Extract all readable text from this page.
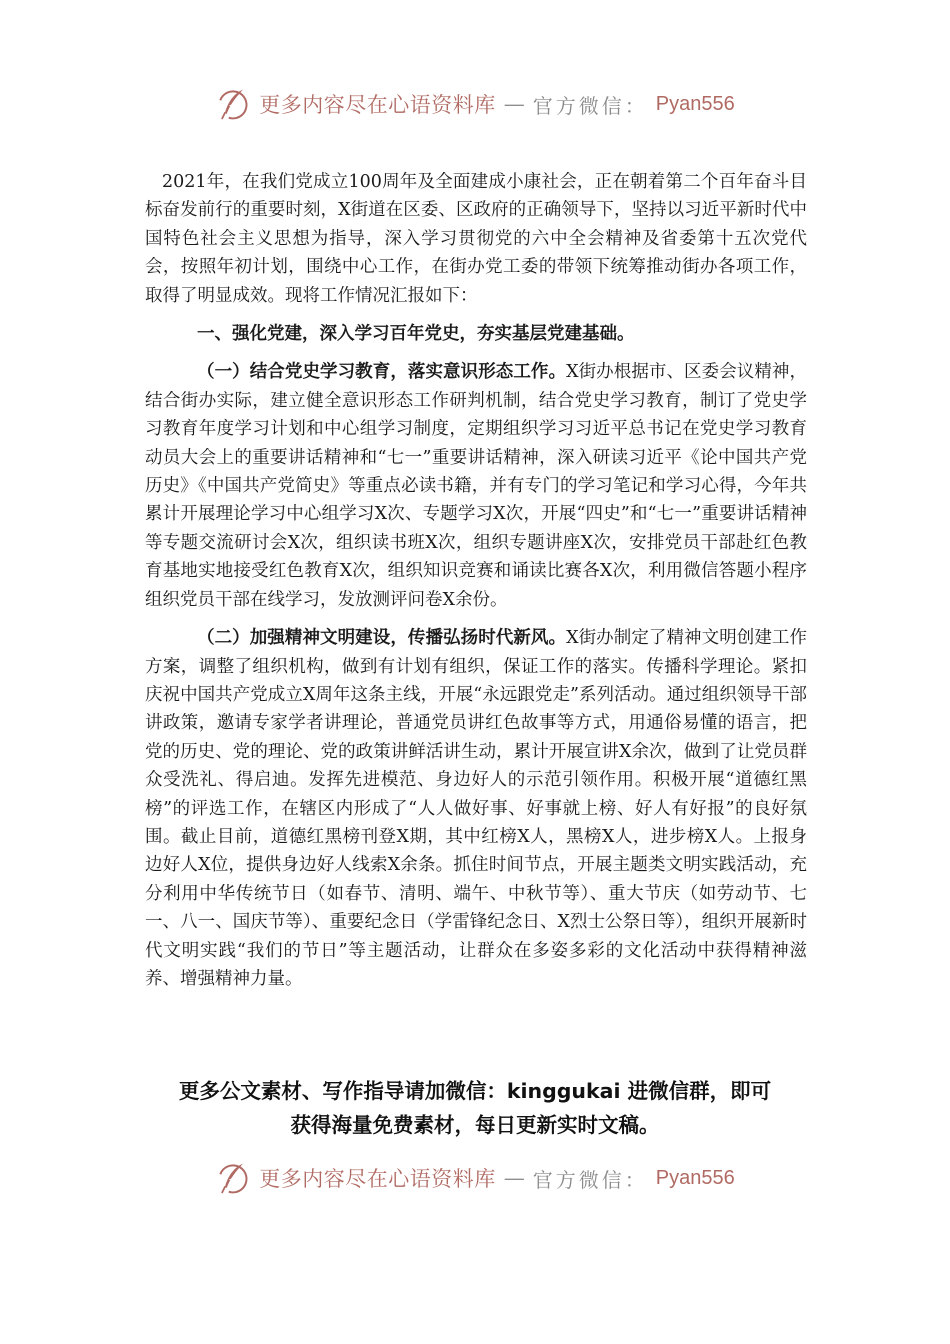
更多内容尽在心语资料库 — 官方微信： Pyan556

2021年，在我们党成立100周年及全面建成小康社会，正在朝着第二个百年奋斗目标奋发前行的重要时刻，X街道在区委、区政府的正确领导下，坚持以习近平新时代中国特色社会主义思想为指导，深入学习贯彻党的六中全会精神及省委第十五次党代会，按照年初计划，围绕中心工作，在街办党工委的带领下统筹推动街办各项工作，取得了明显成效。现将工作情况汇报如下：

一、强化党建，深入学习百年党史，夯实基层党建基础。

（一）结合党史学习教育，落实意识形态工作。X街办根据市、区委会议精神，结合街办实际，建立健全意识形态工作研判机制，结合党史学习教育，制订了党史学习教育年度学习计划和中心组学习制度，定期组织学习习近平总书记在党史学习教育动员大会上的重要讲话精神和“七一”重要讲话精神，深入研读习近平《论中国共产党历史》《中国共产党简史》等重点必读书籍，并有专门的学习笔记和学习心得，今年共累计开展理论学习中心组学习X次、专题学习X次，开展“四史”和“七一”重要讲话精神等专题交流研讨会X次，组织读书班X次，组织专题讲座X次，安排党员干部赴红色教育基地实地接受红色教育X次，组织知识竞赛和诵读比赛各X次，利用微信答题小程序组织党员干部在线学习，发放测评问卷X余份。

（二）加强精神文明建设，传播弘扬时代新风。X街办制定了精神文明创建工作方案，调整了组织机构，做到有计划有组织，保证工作的落实。传播科学理论。紧扣庆祝中国共产党成立X周年这条主线，开展“永远跟党走”系列活动。通过组织领导干部讲政策，邀请专家学者讲理论，普通党员讲红色故事等方式，用通俗易懂的语言，把党的历史、党的理论、党的政策讲鲜活讲生动，累计开展宣讲X余次，做到了让党员群众受洗礼、得启迪。发挥先进模范、身边好人的示范引领作用。积极开展“道德红黑榜”的评选工作，在辖区内形成了“人人做好事、好事就上榜、好人有好报”的良好氛围。截止目前，道德红黑榜刊登X期，其中红榜X人，黑榜X人，进步榜X人。上报身边好人X位，提供身边好人线索X余条。抓住时间节点，开展主题类文明实践活动，充分利用中华传统节日（如春节、清明、端午、中秋节等）、重大节庆（如劳动节、七一、八一、国庆节等）、重要纪念日（学雷锋纪念日、X烈士公祭日等），组织开展新时代文明实践“我们的节日”等主题活动，让群众在多姿多彩的文化活动中获得精神滋养、增强精神力量。

更多公文素材、写作指导请加微信：kinggukai 进微信群，即可
获得海量免费素材，每日更新实时文稿。
更多内容尽在心语资料库 — 官方微信： Pyan556
